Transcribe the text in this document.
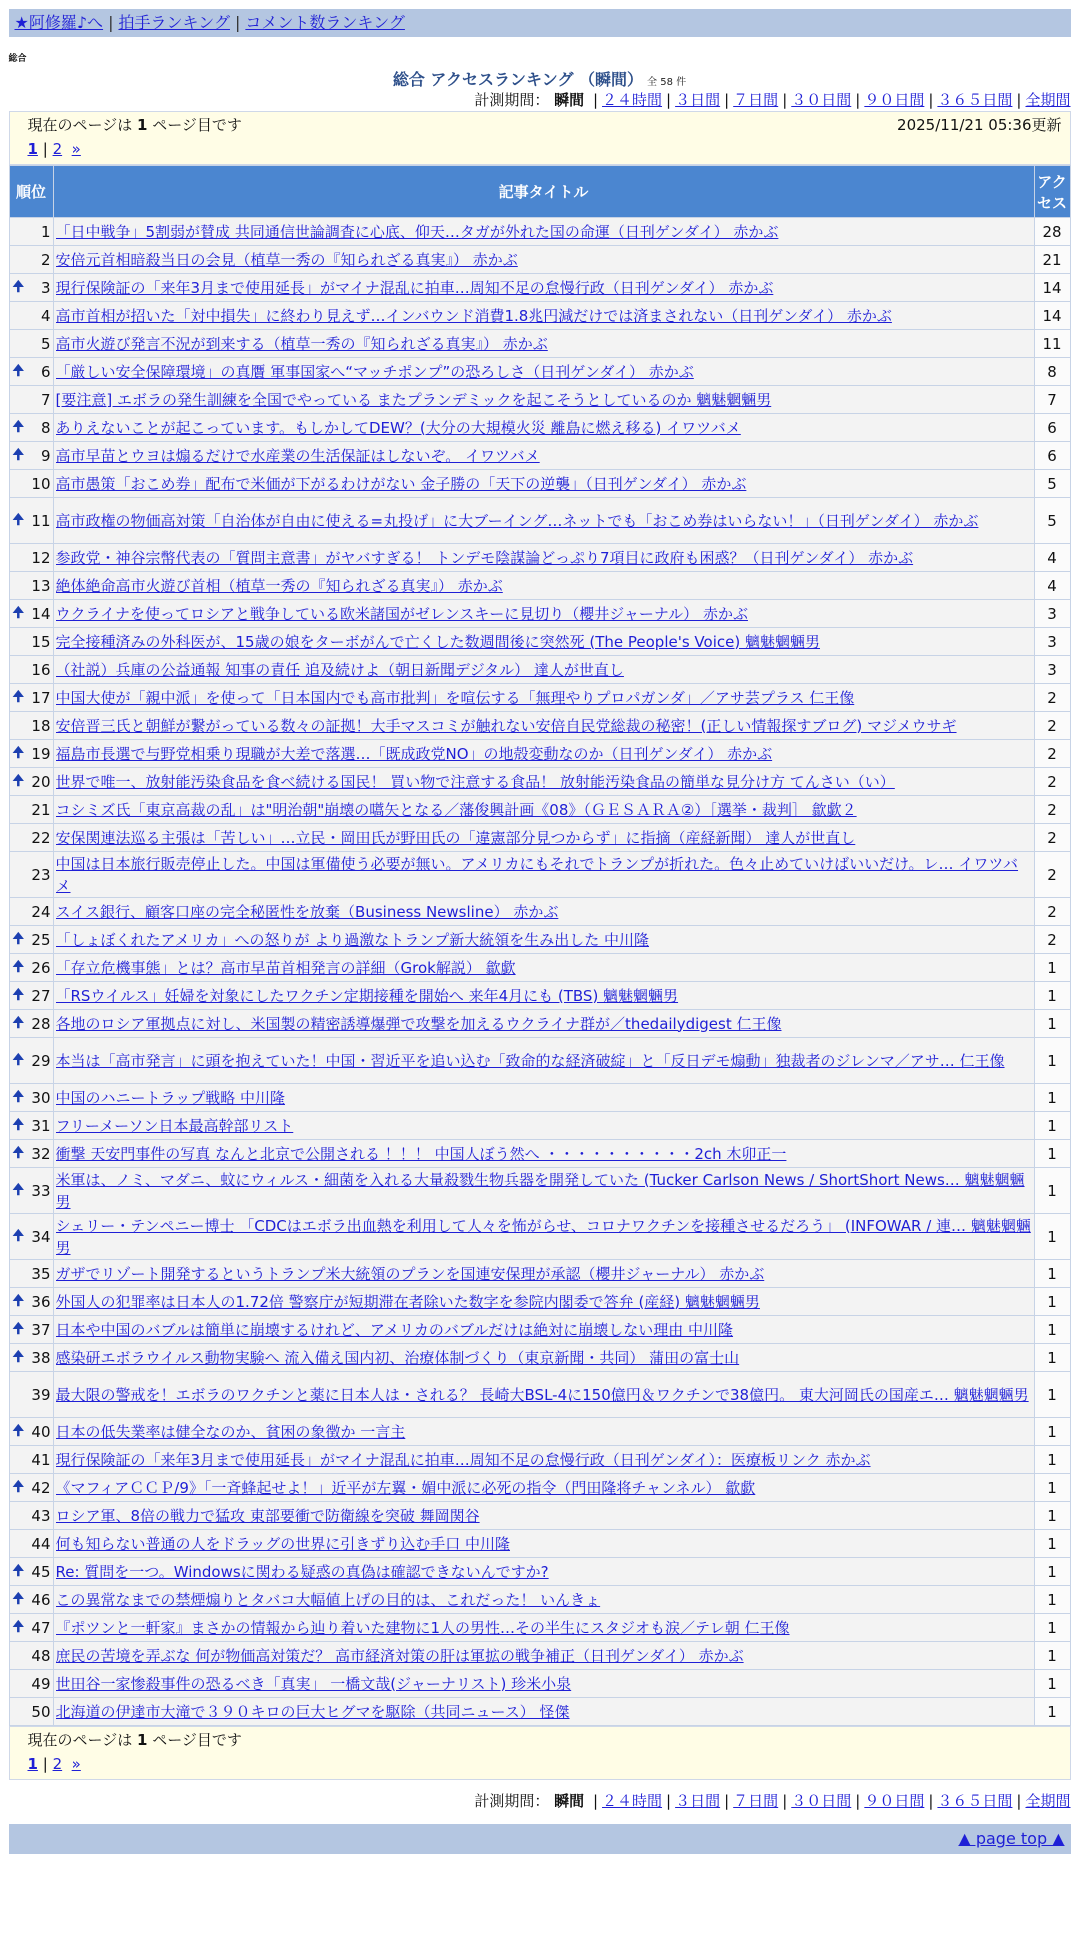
★阿修羅♪へ | 拍手ランキング | コメント数ランキング
総合
総合 アクセスランキング （瞬間） 全 58 件
計測期間： 瞬間 | ２４時間 | ３日間 | ７日間 | ３０日間 | ９０日間 | ３６５日間 | 全期間
現在のページは 1 ページ目です	2025/11/21 05:36更新
1 | 2 »
順位	記事タイトル	アクセス
1	「日中戦争」5割弱が賛成 共同通信世論調査に心底、仰天…タガが外れた国の命運（日刊ゲンダイ） 赤かぶ	28
2	安倍元首相暗殺当日の会見（植草一秀の『知られざる真実』） 赤かぶ	21

🠉 3	現行保険証の「来年3月まで使用延長」がマイナ混乱に拍車…周知不足の怠慢行政（日刊ゲンダイ） 赤かぶ	14
4	高市首相が招いた「対中損失」に終わり見えず…インバウンド消費1.8兆円減だけでは済まされない（日刊ゲンダイ） 赤かぶ	14
5	高市火遊び発言不況が到来する（植草一秀の『知られざる真実』） 赤かぶ	11

🠉 6	「厳しい安全保障環境」の真贋 軍事国家へ“マッチポンプ”の恐ろしさ（日刊ゲンダイ） 赤かぶ	8
7	[要注意] エボラの発生訓練を全国でやっている またプランデミックを起こそうとしているのか 魑魅魍魎男	7

🠉 8	ありえないことが起こっています。もしかしてDEW？(大分の大規模火災 離島に燃え移る) イワツバメ	6

🠉 9	高市早苗とウヨは煽るだけで水産業の生活保証はしないぞ。 イワツバメ	6
10	高市愚策「おこめ券」配布で米価が下がるわけがない 金子勝の「天下の逆襲」（日刊ゲンダイ） 赤かぶ	5

🠉 11	高市政権の物価高対策「自治体が自由に使える=丸投げ」に大ブーイング…ネットでも「おこめ券はいらない！」（日刊ゲンダイ） 赤かぶ	5
12	参政党・神谷宗幣代表の「質問主意書」がヤバすぎる！ トンデモ陰謀論どっぷり7項目に政府も困惑？（日刊ゲンダイ） 赤かぶ	4
13	絶体絶命高市火遊び首相（植草一秀の『知られざる真実』） 赤かぶ	4

🠉 14	ウクライナを使ってロシアと戦争している欧米諸国がゼレンスキーに見切り（櫻井ジャーナル） 赤かぶ	3
15	完全接種済みの外科医が、15歳の娘をターボがんで亡くした数週間後に突然死 (The People's Voice) 魑魅魍魎男	3
16	（社説）兵庫の公益通報 知事の責任 追及続けよ（朝日新聞デジタル） 達人が世直し	3

🠉 17	中国大使が「親中派」を使って「日本国内でも高市批判」を喧伝する「無理やりプロパガンダ」／アサ芸プラス 仁王像	2
18	安倍晋三氏と朝鮮が繋がっている数々の証拠！大手マスコミが触れない安倍自民党総裁の秘密！(正しい情報探すブログ) マジメウサギ	2

🠉 19	福島市長選で与野党相乗り現職が大差で落選…「既成政党NO」の地殻変動なのか（日刊ゲンダイ） 赤かぶ	2

🠉 20	世界で唯一、放射能汚染食品を食べ続ける国民！ 買い物で注意する食品！ 放射能汚染食品の簡単な見分け方 てんさい（い）	2
21	コシミズ氏「東京高裁の乱」は"明治朝"崩壊の嚆矢となる／藩俊興計画《08》（ＧＥＳＡＲＡ②）［選挙・裁判］ 歙歔２	2
22	安保関連法巡る主張は「苦しい」…立民・岡田氏が野田氏の「違憲部分見つからず」に指摘（産経新聞） 達人が世直し	2
23	中国は日本旅行販売停止した。中国は軍備使う必要が無い。アメリカにもそれでトランプが折れた。色々止めていけばいいだけ。レ… イワツバメ	2
24	スイス銀行、顧客口座の完全秘匿性を放棄（Business Newsline） 赤かぶ	2

🠉 25	「しょぼくれたアメリカ」への怒りが より過激なトランプ新大統領を生み出した 中川隆	2

🠉 26	「存立危機事態」とは？高市早苗首相発言の詳細（Grok解説） 歙歔	1

🠉 27	「RSウイルス」妊婦を対象にしたワクチン定期接種を開始へ 来年4月にも (TBS) 魑魅魍魎男	1

🠉 28	各地のロシア軍拠点に対し、米国製の精密誘導爆弾で攻撃を加えるウクライナ群が／thedailydigest 仁王像	1

🠉 29	本当は「高市発言」に頭を抱えていた！中国・習近平を追い込む「致命的な経済破綻」と「反日デモ煽動」独裁者のジレンマ／アサ… 仁王像	1

🠉 30	中国のハニートラップ戦略 中川隆	1

🠉 31	フリーメーソン日本最高幹部リスト	1

🠉 32	衝撃 天安門事件の写真 なんと北京で公開される ！！！ 中国人ぼう然へ ・・・・・・・・・・2ch 木卯正一	1

🠉 33	米軍は、ノミ、マダニ、蚊にウィルス・細菌を入れる大量殺戮生物兵器を開発していた (Tucker Carlson News / ShortShort News… 魑魅魍魎男	1

🠉 34	シェリー・テンペニー博士 「CDCはエボラ出血熱を利用して人々を怖がらせ、コロナワクチンを接種させるだろう」 (INFOWAR / 連… 魑魅魍魎男	1
35	ガザでリゾート開発するというトランプ米大統領のプランを国連安保理が承認（櫻井ジャーナル） 赤かぶ	1

🠉 36	外国人の犯罪率は日本人の1.72倍 警察庁が短期滞在者除いた数字を参院内閣委で答弁 (産経) 魑魅魍魎男	1

🠉 37	日本や中国のバブルは簡単に崩壊するけれど、アメリカのバブルだけは絶対に崩壊しない理由 中川隆	1

🠉 38	感染研エボラウイルス動物実験へ 流入備え国内初、治療体制づくり（東京新聞・共同） 蒲田の富士山	1
39	最大限の警戒を！エボラのワクチンと薬に日本人は・される？ 長崎大BSL-4に150億円＆ワクチンで38億円。 東大河岡氏の国産エ… 魑魅魍魎男	1

🠉 40	日本の低失業率は健全なのか、貧困の象徴か 一言主	1
41	現行保険証の「来年3月まで使用延長」がマイナ混乱に拍車…周知不足の怠慢行政（日刊ゲンダイ）：医療板リンク 赤かぶ	1

🠉 42	《マフィアＣＣＰ/9》「一斉蜂起せよ！」近平が左翼・媚中派に必死の指令（門田隆将チャンネル） 歙歔	1
43	ロシア軍、8倍の戦力で猛攻 東部要衝で防衛線を突破 舞岡関谷	1
44	何も知らない普通の人をドラッグの世界に引きずり込む手口 中川隆	1

🠉 45	Re: 質問を一つ。Windowsに関わる疑惑の真偽は確認できないんですか?	1

🠉 46	この異常なまでの禁煙煽りとタバコ大幅値上げの目的は、これだった！ いんきょ	1

🠉 47	『ポツンと一軒家』まさかの情報から辿り着いた建物に1人の男性…その半生にスタジオも涙／テレ朝 仁王像	1
48	庶民の苦境を弄ぶな 何が物価高対策だ？ 高市経済対策の肝は軍拡の戦争補正（日刊ゲンダイ） 赤かぶ	1
49	世田谷一家惨殺事件の恐るべき「真実」 一橋文哉(ジャーナリスト) 珍米小泉	1
50	北海道の伊達市大滝で３９０キロの巨大ヒグマを駆除（共同ニュース） 怪傑	1
現在のページは 1 ページ目です
1 | 2 »
計測期間： 瞬間 | ２４時間 | ３日間 | ７日間 | ３０日間 | ９０日間 | ３６５日間 | 全期間
▲ page top ▲
